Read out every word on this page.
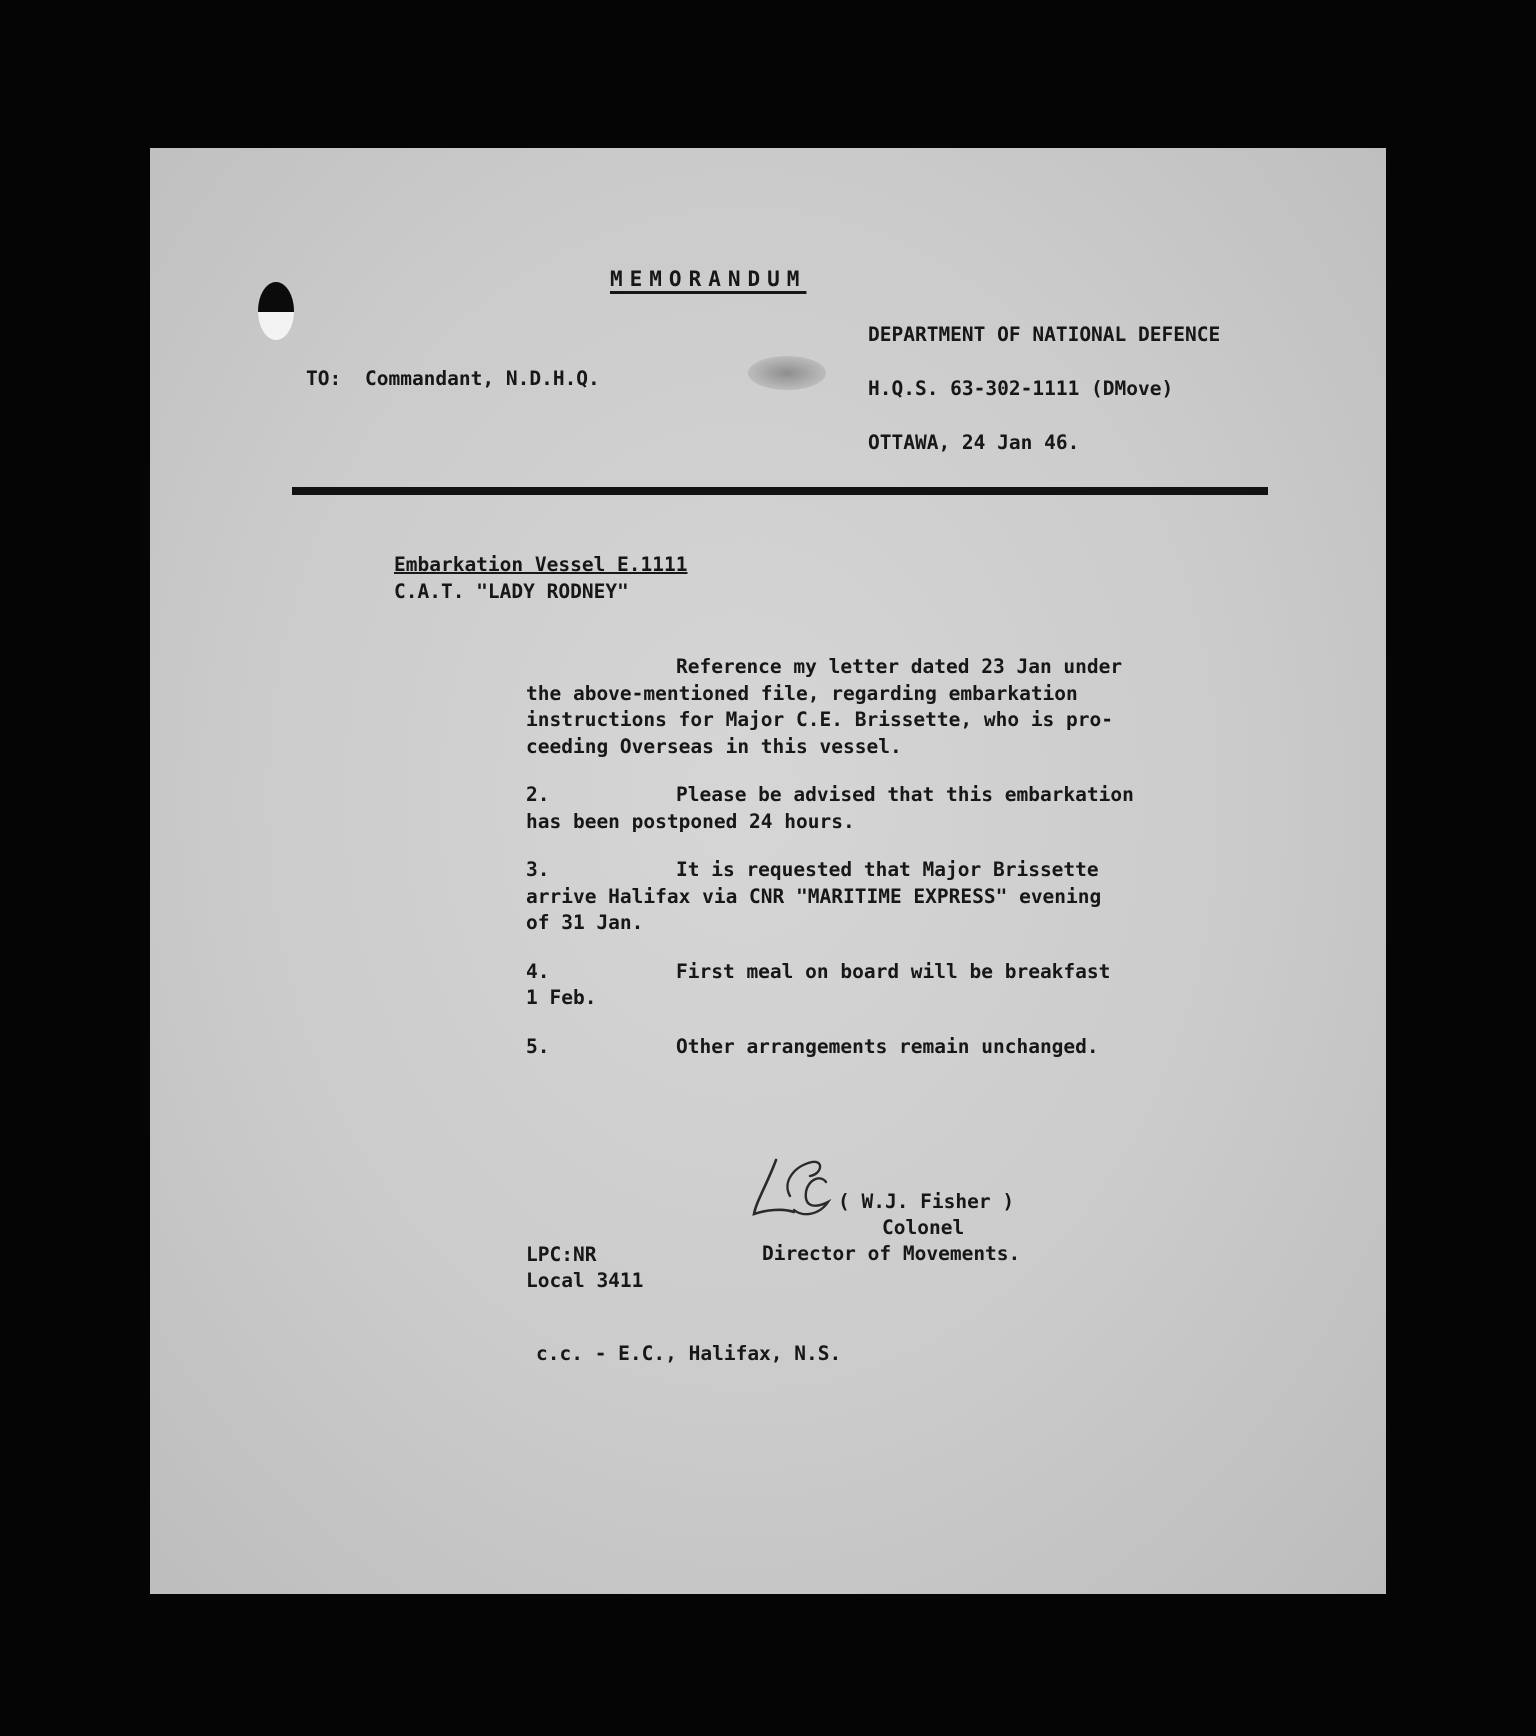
MEMORANDUM
TO: Commandant, N.D.H.Q.
DEPARTMENT OF NATIONAL DEFENCE
H.Q.S. 63-302-1111 (DMove)
OTTAWA, 24 Jan 46.
Embarkation Vessel E.1111
C.A.T. "LADY RODNEY"
Reference my letter dated 23 Jan under
the above-mentioned file, regarding embarkation
instructions for Major C.E. Brissette, who is pro-
ceeding Overseas in this vessel.
2.	Please be advised that this embarkation
has been postponed 24 hours.
3.	It is requested that Major Brissette
arrive Halifax via CNR "MARITIME EXPRESS" evening
of 31 Jan.
4.	First meal on board will be breakfast
1 Feb.
5.	Other arrangements remain unchanged.
( W.J. Fisher )
Colonel
Director of Movements.
LPC:NR
Local 3411
c.c. - E.C., Halifax, N.S.
